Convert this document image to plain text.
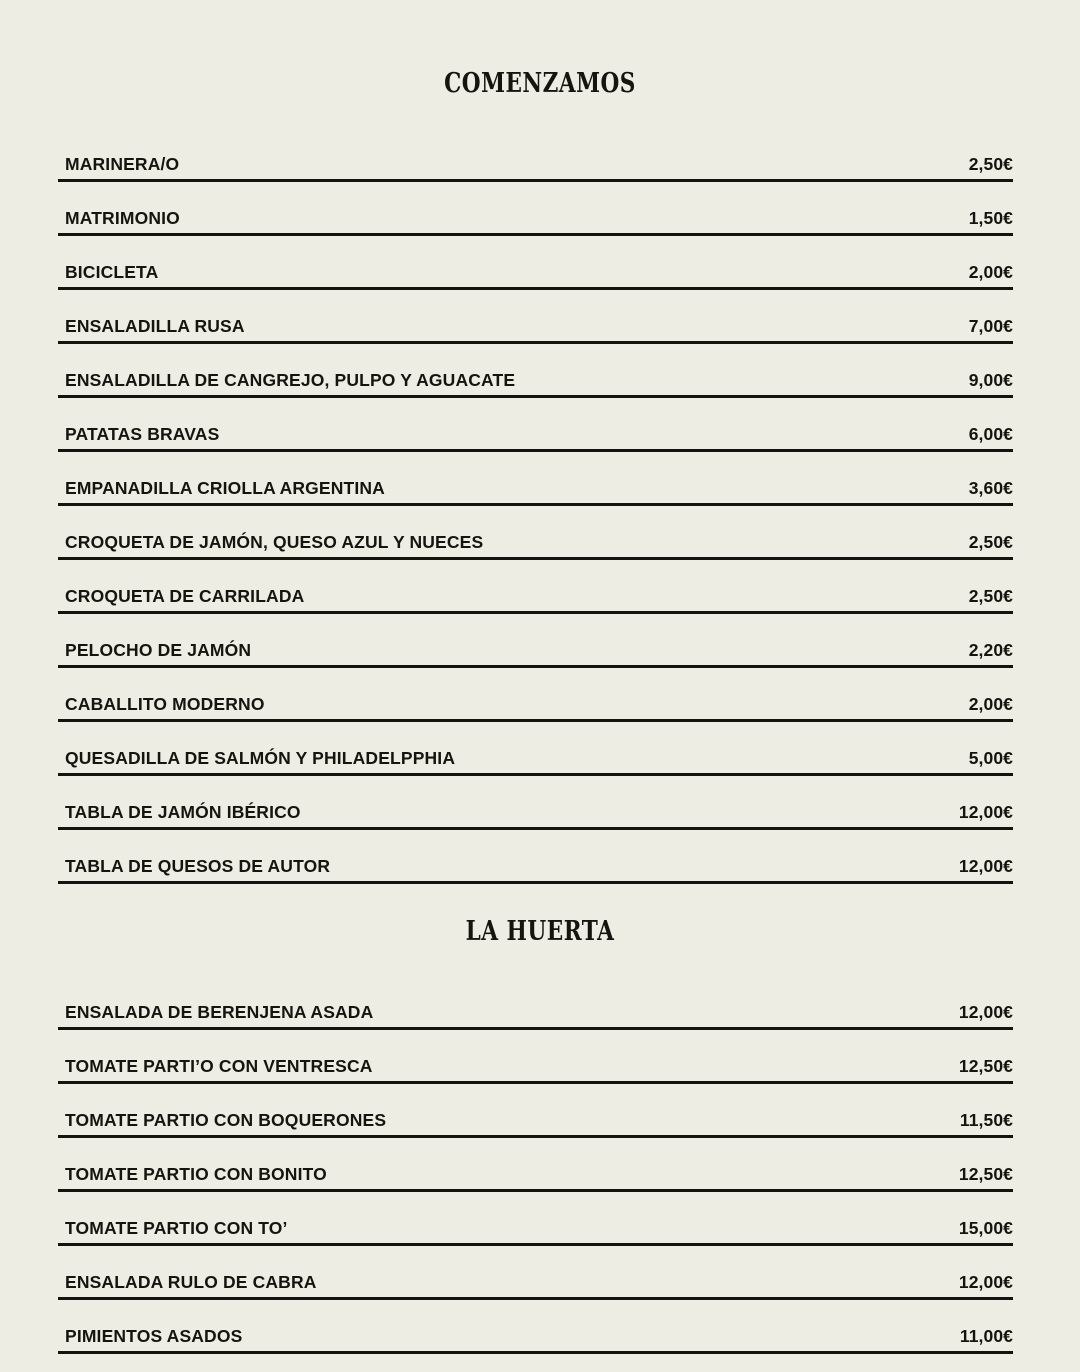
COMENZAMOS
MARINERA/O	2,50€
MATRIMONIO	1,50€
BICICLETA	2,00€
ENSALADILLA RUSA	7,00€
ENSALADILLA DE CANGREJO, PULPO Y AGUACATE	9,00€
PATATAS BRAVAS	6,00€
EMPANADILLA CRIOLLA ARGENTINA	3,60€
CROQUETA DE JAMÓN, QUESO AZUL Y NUECES	2,50€
CROQUETA DE CARRILADA	2,50€
PELOCHO DE JAMÓN	2,20€
CABALLITO MODERNO	2,00€
QUESADILLA DE SALMÓN Y PHILADELPPHIA	5,00€
TABLA DE JAMÓN IBÉRICO	12,00€
TABLA DE QUESOS DE AUTOR	12,00€
LA HUERTA
ENSALADA DE BERENJENA ASADA	12,00€
TOMATE PARTI’O CON VENTRESCA	12,50€
TOMATE PARTIO CON BOQUERONES	11,50€
TOMATE PARTIO CON BONITO	12,50€
TOMATE PARTIO CON TO’	15,00€
ENSALADA RULO DE CABRA	12,00€
PIMIENTOS ASADOS	11,00€
